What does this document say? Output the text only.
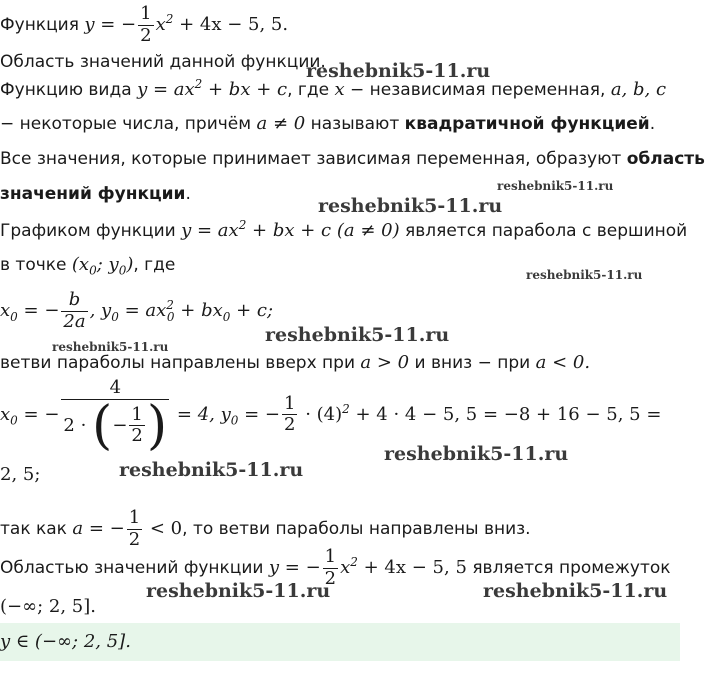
Функция y = − $\frac{1}{2} x^2 + 4x - 5$, 5.
Область значений данной функции.
Функцию вида $y = ax^2$ + bx + c, где x − независимая переменная, a, b, c
− некоторые числа, причём a ≠ 0 называют квадратичной функцией.
Все значения, которые принимает зависимая переменная, образуют область
значений функции.
Графиком функции $y = ax^2$ + bx + c (a ≠ 0) является парабола с вершиной
в точке ($x_0$; $y_0$), где
$x_0$ = − $\frac{b}{2a}$ , $y_0 = ax^2_0 + bx_0 + c$;
ветви параболы направлены вверх при a > 0 и вниз − при a < 0.
$x_0$ = − $\frac{4}{2 \cdot (- \frac{1}{2} )} = 4$, $y_0$ = − $\frac{1}{2} \cdot (4)^2 + 4 \cdot 4 - 5$, 5 = −8 + 16 − 5, 5 =
2, 5;
так как a = − $\frac{1}{2} < 0$, то ветви параболы направлены вниз.
Областью значений функции y = − $\frac{1}{2} x^2 + 4x - 5$, 5 является промежуток
(−∞; 2, 5].
y ∈ (−∞; 2, 5].
reshebnik5-11.ru
reshebnik5-11.ru
reshebnik5-11.ru
reshebnik5-11.ru
reshebnik5-11.ru
reshebnik5-11.ru
reshebnik5-11.ru
reshebnik5-11.ru
reshebnik5-11.ru	reshebnik5-11.ru
